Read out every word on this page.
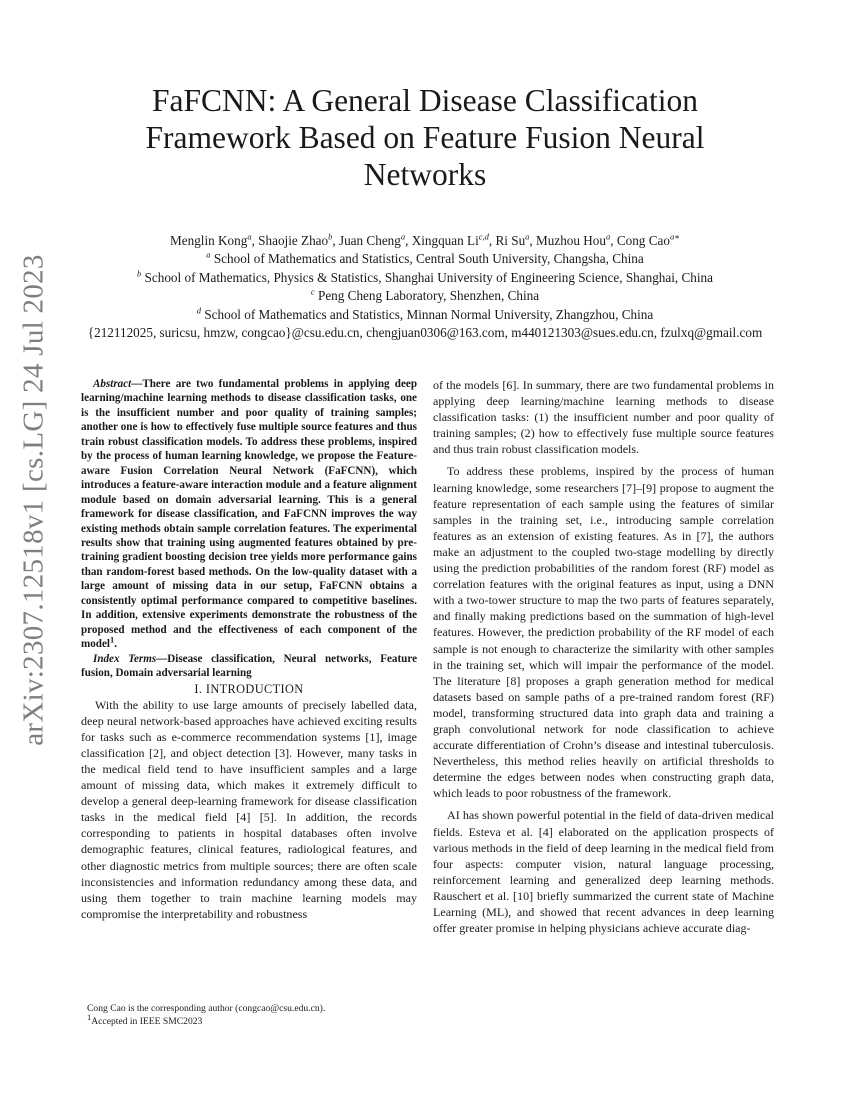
arXiv:2307.12518v1 [cs.LG] 24 Jul 2023
FaFCNN: A General Disease Classification
Framework Based on Feature Fusion Neural
Networks
Menglin Kong$^a$, Shaojie Zhao$^b$, Juan Cheng$^a$, Xingquan Li$^{c,d}$, Ri Su$^a$, Muzhou Hou$^a$, Cong Cao$^{a∗}$
$^a$ School of Mathematics and Statistics, Central South University, Changsha, China
$^b$ School of Mathematics, Physics & Statistics, Shanghai University of Engineering Science, Shanghai, China
$^c$ Peng Cheng Laboratory, Shenzhen, China
$^d$ School of Mathematics and Statistics, Minnan Normal University, Zhangzhou, China
{212112025, suricsu, hmzw, congcao}@csu.edu.cn, chengjuan0306@163.com, m440121303@sues.edu.cn, fzulxq@gmail.com

Abstract—There are two fundamental problems in applying deep learning/machine learning methods to disease classification tasks, one is the insufficient number and poor quality of training samples; another one is how to effectively fuse multiple source features and thus train robust classification models. To address these problems, inspired by the process of human learning knowledge, we propose the Feature-aware Fusion Correlation Neural Network (FaFCNN), which introduces a feature-aware interaction module and a feature alignment module based on domain adversarial learning. This is a general framework for disease classification, and FaFCNN improves the way existing methods obtain sample correlation features. The experimental results show that training using augmented features obtained by pre-training gradient boosting decision tree yields more performance gains than random-forest based methods. On the low-quality dataset with a large amount of missing data in our setup, FaFCNN obtains a consistently optimal performance compared to competitive baselines. In addition, extensive experiments demonstrate the robustness of the proposed method and the effectiveness of each component of the model$^1$.

Index Terms—Disease classification, Neural networks, Feature fusion, Domain adversarial learning

I. INTRODUCTION

With the ability to use large amounts of precisely labelled data, deep neural network-based approaches have achieved exciting results for tasks such as e-commerce recommendation systems [1], image classification [2], and object detection [3]. However, many tasks in the medical field tend to have insufficient samples and a large amount of missing data, which makes it extremely difficult to develop a general deep-learning framework for disease classification tasks in the medical field [4] [5]. In addition, the records corresponding to patients in hospital databases often involve demographic features, clinical features, radiological features, and other diagnostic metrics from multiple sources; there are often scale inconsistencies and information redundancy among these data, and using them together to train machine learning models may compromise the interpretability and robustness

of the models [6]. In summary, there are two fundamental problems in applying deep learning/machine learning methods to disease classification tasks: (1) the insufficient number and poor quality of training samples; (2) how to effectively fuse multiple source features and thus train robust classification models.

To address these problems, inspired by the process of human learning knowledge, some researchers [7]–[9] propose to augment the feature representation of each sample using the features of similar samples in the training set, i.e., introducing sample correlation features as an extension of existing features. As in [7], the authors make an adjustment to the coupled two-stage modelling by directly using the prediction probabilities of the random forest (RF) model as correlation features with the original features as input, using a DNN with a two-tower structure to map the two parts of features separately, and finally making predictions based on the summation of high-level features. However, the prediction probability of the RF model of each sample is not enough to characterize the similarity with other samples in the training set, which will impair the performance of the model. The literature [8] proposes a graph generation method for medical datasets based on sample paths of a pre-trained random forest (RF) model, transforming structured data into graph data and training a graph convolutional network for node classification to achieve accurate differentiation of Crohn’s disease and intestinal tuberculosis. Nevertheless, this method relies heavily on artificial thresholds to determine the edges between nodes when constructing graph data, which leads to poor robustness of the framework.

AI has shown powerful potential in the field of data-driven medical fields. Esteva et al. [4] elaborated on the application prospects of various methods in the field of deep learning in the medical field from four aspects: computer vision, natural language processing, reinforcement learning and generalized deep learning methods. Rauschert et al. [10] briefly summarized the current state of Machine Learning (ML), and showed that recent advances in deep learning offer greater promise in helping physicians achieve accurate diag-

Cong Cao is the corresponding author (congcao@csu.edu.cn).
$^1$Accepted in IEEE SMC2023
